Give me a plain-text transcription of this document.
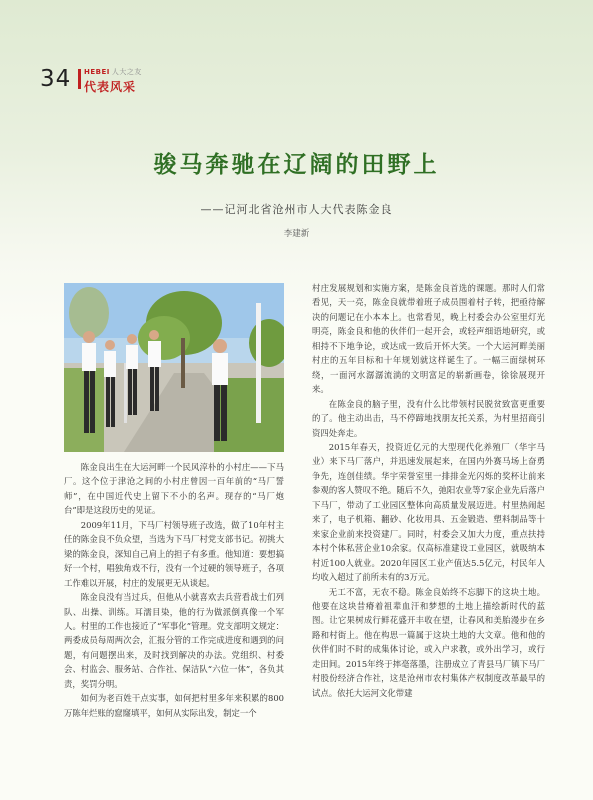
34 HEBEI 人大之友
代表风采
骏马奔驰在辽阔的田野上
——记河北省沧州市人大代表陈金良
李建新

陈金良出生在大运河畔一个民风淳朴的小村庄——下马厂。这个位于津沧之间的小村庄曾因一百年前的“马厂誓师”，在中国近代史上留下不小的名声。现存的“马厂炮台”即是这段历史的见证。

2009年11月，下马厂村领导班子改选，做了10年村主任的陈金良不负众望，当选为下马厂村党支部书记。初挑大梁的陈金良，深知自己肩上的担子有多重。他知道：要想搞好一个村，唱独角戏不行，没有一个过硬的领导班子，各项工作难以开展，村庄的发展更无从谈起。

陈金良没有当过兵，但他从小就喜欢去兵营看战士们列队、出操、训练。耳濡目染，他的行为做派倒真像一个军人。村里的工作也接近了“军事化”管理。党支部明文规定：两委成员每周两次会，汇报分管的工作完成进度和遇到的问题，有问题摆出来，及时找到解决的办法。党组织、村委会、村监会、服务站、合作社、保洁队“六位一体”，各负其责，奖罚分明。

如何为老百姓干点实事，如何把村里多年来积累的800万陈年烂账的窟窿填平，如何从实际出发，制定一个

村庄发展规划和实施方案，是陈金良首选的课题。那时人们常看见，天一亮，陈金良就带着班子成员围着村子转，把亟待解决的问题记在小本本上。也常看见，晚上村委会办公室里灯光明亮，陈金良和他的伙伴们一起开会，或轻声细语地研究，或相持不下地争论，或达成一致后开怀大笑。一个大运河畔美丽村庄的五年目标和十年规划就这样诞生了。一幅三面绿树环绕，一面河水潺潺流淌的文明富足的崭新画卷，徐徐展现开来。

在陈金良的脑子里，没有什么比带领村民脱贫致富更重要的了。他主动出击，马不停蹄地找朋友托关系，为村里招商引资四处奔走。

2015年春天，投资近亿元的大型现代化养殖厂（华宇马业）来下马厂落户，并迅速发展起来，在国内外赛马场上奋勇争先，连创佳绩。华宇荣誉室里一排排金光闪烁的奖杯让前来参观的客人赞叹不绝。随后不久，弛阳农业等7家企业先后落户下马厂，带动了工业园区整体向高质量发展迈进。村里热闹起来了，电子机箱、翻砂、化妆用具、五金锻造、塑料制品等十来家企业前来投资建厂。同时，村委会又加大力度，重点扶持本村个体私营企业10余家。仅高标准建设工业园区，就吸纳本村近100人就业。2020年园区工业产值达5.5亿元，村民年人均收入超过了前所未有的3万元。

无工不富，无农不稳。陈金良始终不忘脚下的这块土地。他要在这块昔瘠着祖辈血汗和梦想的土地上描绘新时代的蓝图。让它果树成行鲜花盛开丰收在望，让春风和美胎漫步在乡路和村街上。他在构思一篇属于这块土地的大文章。他和他的伙伴们时不时的成集体讨论，或入户求教，或外出学习，或行走田间。2015年终于摔毫落墨，注册成立了青县马厂镇下马厂村股份经济合作社，这是沧州市农村集体产权制度改革最早的试点。依托大运河文化带建
